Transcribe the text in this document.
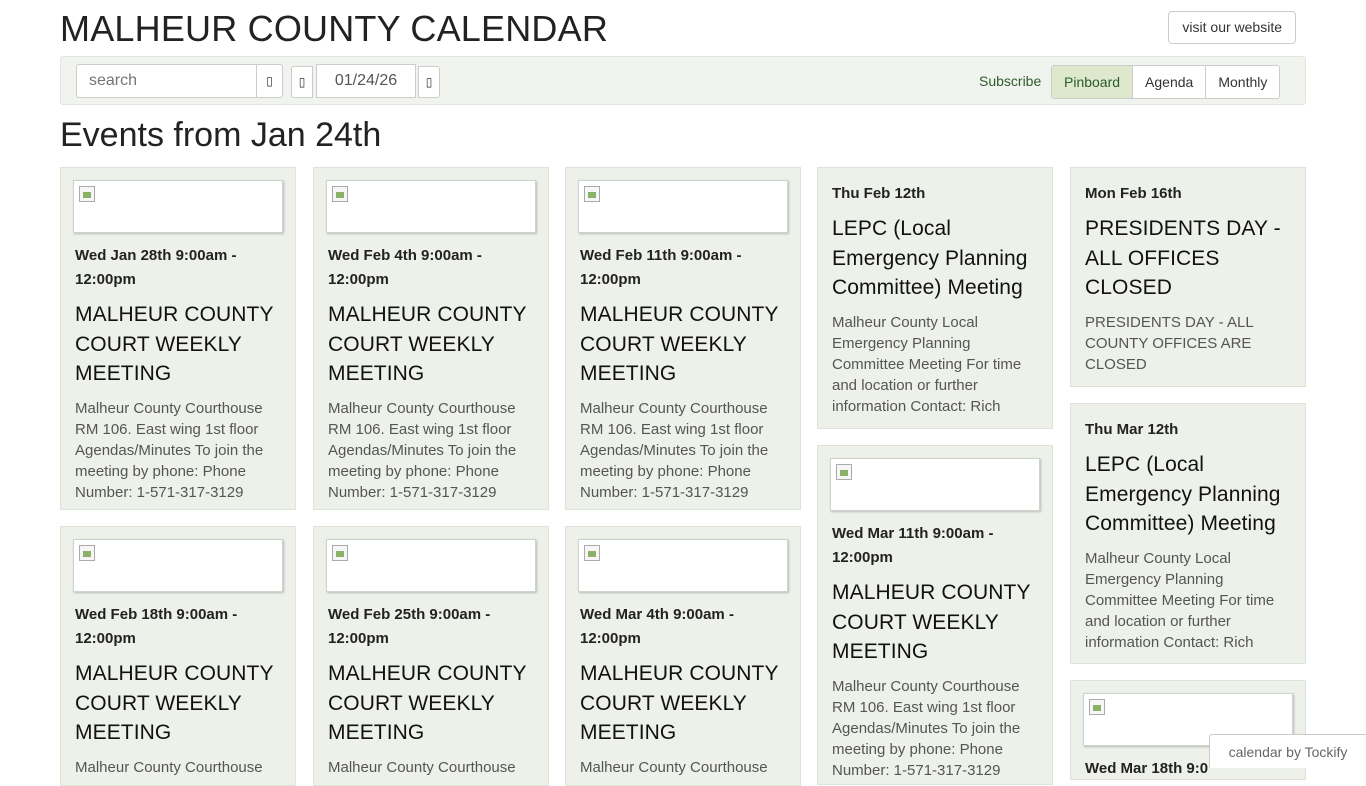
MALHEUR COUNTY CALENDAR	visit our website
search
▯	▯	01/24/26	▯	Subscribe	Pinboard	Agenda	Monthly
Events from Jan 24th
Wed Jan 28th 9:00am - 12:00pm
MALHEUR COUNTY COURT WEEKLY MEETING
Malheur County Courthouse RM 106. East wing 1st floor Agendas/Minutes To join the meeting by phone: Phone Number: 1-571-317-3129
Wed Feb 18th 9:00am - 12:00pm
MALHEUR COUNTY COURT WEEKLY MEETING
Malheur County Courthouse
Wed Feb 4th 9:00am - 12:00pm
MALHEUR COUNTY COURT WEEKLY MEETING
Malheur County Courthouse RM 106. East wing 1st floor Agendas/Minutes To join the meeting by phone: Phone Number: 1-571-317-3129
Wed Feb 25th 9:00am - 12:00pm
MALHEUR COUNTY COURT WEEKLY MEETING
Malheur County Courthouse
Wed Feb 11th 9:00am - 12:00pm
MALHEUR COUNTY COURT WEEKLY MEETING
Malheur County Courthouse RM 106. East wing 1st floor Agendas/Minutes To join the meeting by phone: Phone Number: 1-571-317-3129
Wed Mar 4th 9:00am - 12:00pm
MALHEUR COUNTY COURT WEEKLY MEETING
Malheur County Courthouse
Thu Feb 12th
LEPC (Local Emergency Planning Committee) Meeting
Malheur County Local Emergency Planning Committee Meeting For time and location or further information Contact: Rich
Wed Mar 11th 9:00am - 12:00pm
MALHEUR COUNTY COURT WEEKLY MEETING
Malheur County Courthouse RM 106. East wing 1st floor Agendas/Minutes To join the meeting by phone: Phone Number: 1-571-317-3129
Mon Feb 16th
PRESIDENTS DAY - ALL OFFICES CLOSED
PRESIDENTS DAY - ALL COUNTY OFFICES ARE CLOSED
Thu Mar 12th
LEPC (Local Emergency Planning Committee) Meeting
Malheur County Local Emergency Planning Committee Meeting For time and location or further information Contact: Rich
Wed Mar 18th 9:0
calendar by Tockify
